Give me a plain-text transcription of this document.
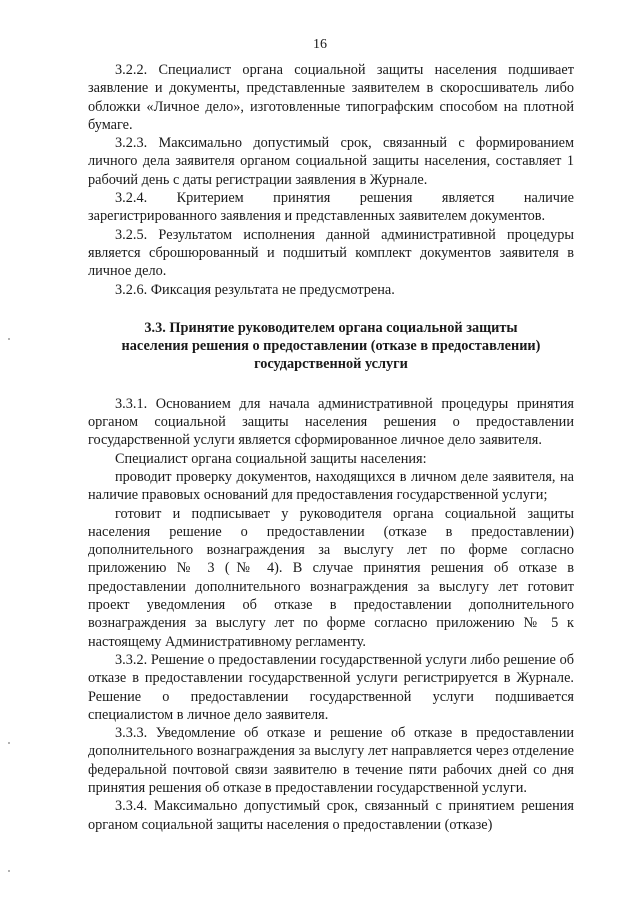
16

3.2.2. Специалист органа социальной защиты населения подшивает заявление и документы, представленные заявителем в скоросшиватель либо обложки «Личное дело», изготовленные типографским способом на плотной бумаге.

3.2.3. Максимально допустимый срок, связанный с формированием личного дела заявителя органом социальной защиты населения, составляет 1 рабочий день с даты регистрации заявления в Журнале.

3.2.4. Критерием принятия решения является наличие зарегистрированного заявления и представленных заявителем документов.

3.2.5. Результатом исполнения данной административной процедуры является сброшюрованный и подшитый комплект документов заявителя в личное дело.

3.2.6. Фиксация результата не предусмотрена.

3.3. Принятие руководителем органа социальной защиты
населения решения о предоставлении (отказе в предоставлении)
государственной услуги

3.3.1. Основанием для начала административной процедуры принятия органом социальной защиты населения решения о предоставлении государственной услуги является сформированное личное дело заявителя.

Специалист органа социальной защиты населения:

проводит проверку документов, находящихся в личном деле заявителя, на наличие правовых оснований для предоставления государственной услуги;

готовит и подписывает у руководителя органа социальной защиты населения решение о предоставлении (отказе в предоставлении) дополнительного вознаграждения за выслугу лет по форме согласно приложению № 3 (№ 4). В случае принятия решения об отказе в предоставлении дополнительного вознаграждения за выслугу лет готовит проект уведомления об отказе в предоставлении дополнительного вознаграждения за выслугу лет по форме согласно приложению № 5 к настоящему Административному регламенту.

3.3.2. Решение о предоставлении государственной услуги либо решение об отказе в предоставлении государственной услуги регистрируется в Журнале. Решение о предоставлении государственной услуги подшивается специалистом в личное дело заявителя.

3.3.3. Уведомление об отказе и решение об отказе в предоставлении дополнительного вознаграждения за выслугу лет направляется через отделение федеральной почтовой связи заявителю в течение пяти рабочих дней со дня принятия решения об отказе в предоставлении государственной услуги.

3.3.4. Максимально допустимый срок, связанный с принятием решения органом социальной защиты населения о предоставлении (отказе)
